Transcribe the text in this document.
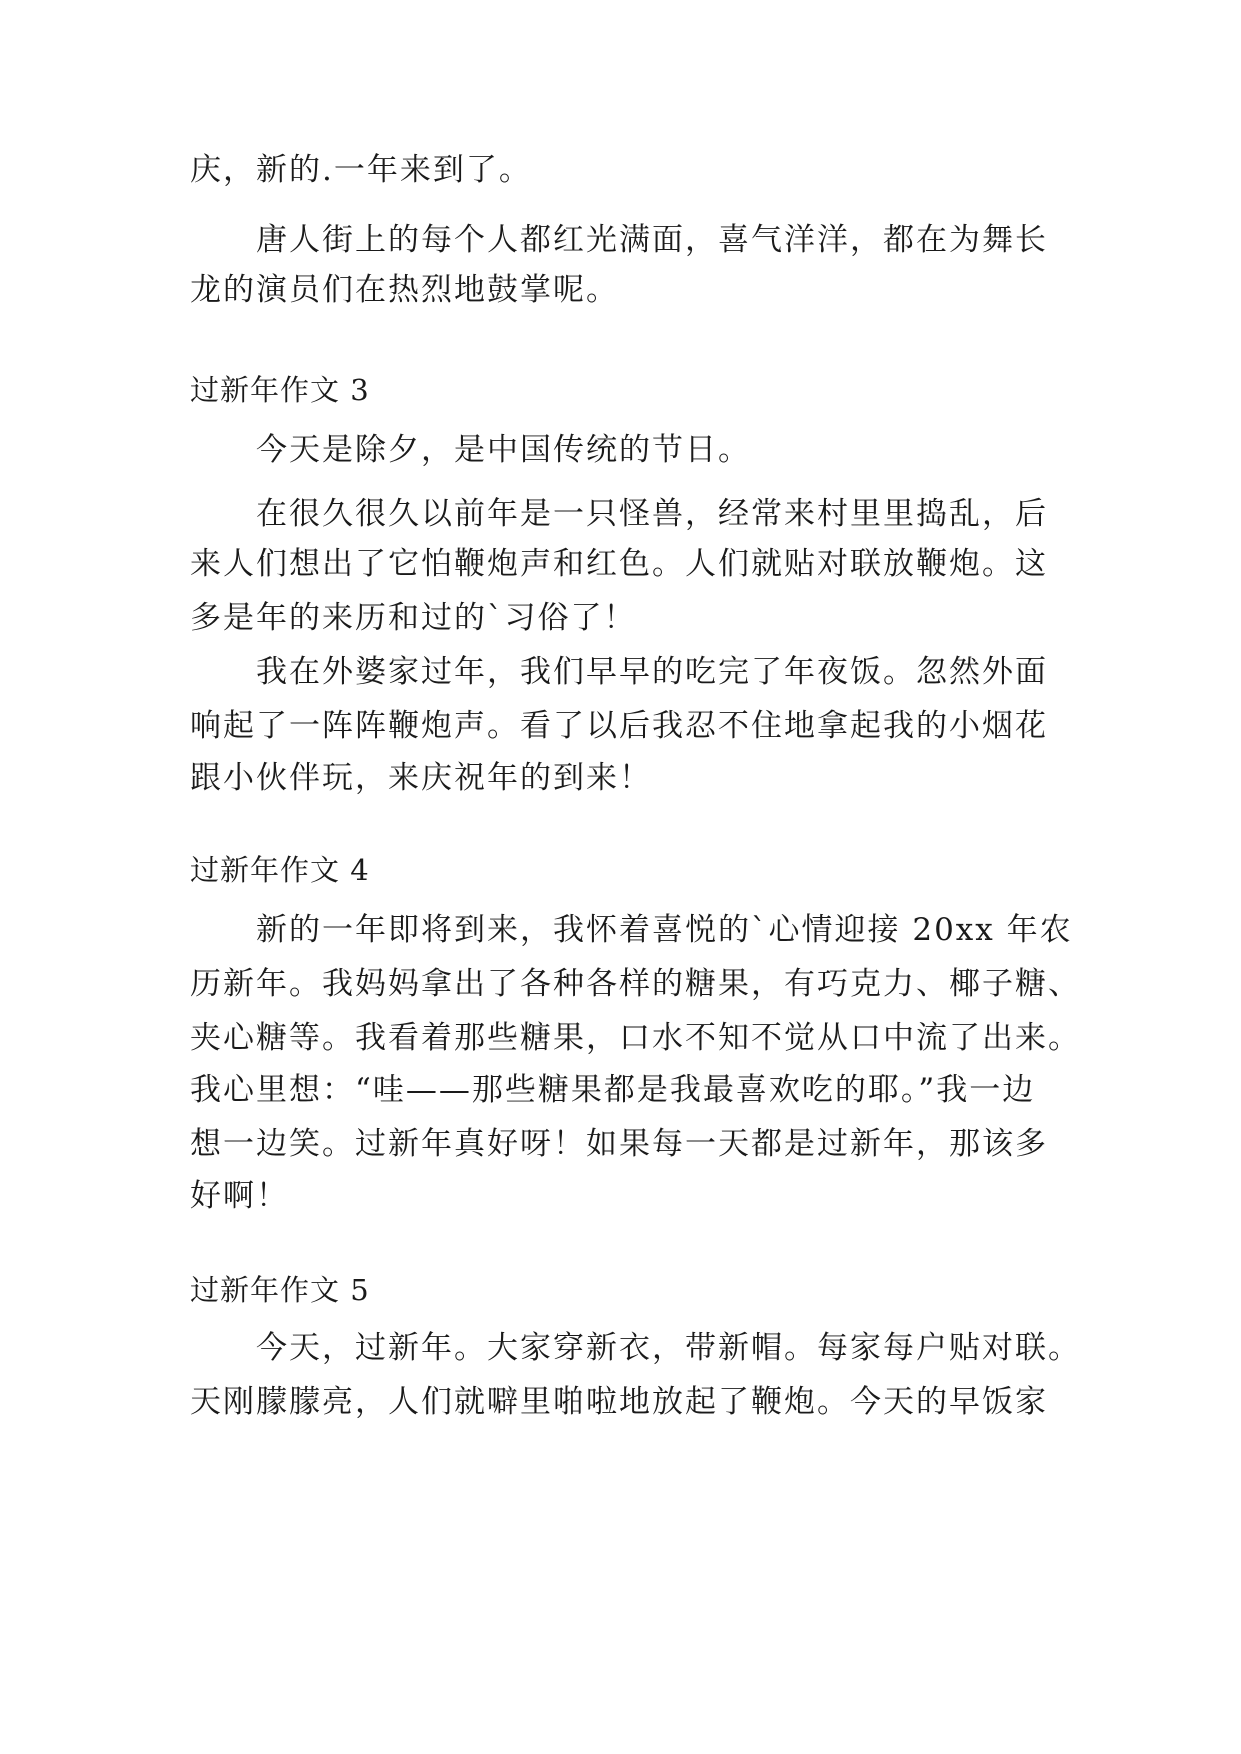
庆，新的.一年来到了。
唐人街上的每个人都红光满面，喜气洋洋，都在为舞长
龙的演员们在热烈地鼓掌呢。
过新年作文 3
今天是除夕，是中国传统的节日。
在很久很久以前年是一只怪兽，经常来村里里捣乱，后
来人们想出了它怕鞭炮声和红色。人们就贴对联放鞭炮。这
多是年的来历和过的`习俗了！
我在外婆家过年，我们早早的吃完了年夜饭。忽然外面
响起了一阵阵鞭炮声。看了以后我忍不住地拿起我的小烟花
跟小伙伴玩，来庆祝年的到来！
过新年作文 4
新的一年即将到来，我怀着喜悦的`心情迎接 20xx 年农
历新年。我妈妈拿出了各种各样的糖果，有巧克力、椰子糖、
夹心糖等。我看着那些糖果，口水不知不觉从口中流了出来。
我心里想：“哇——那些糖果都是我最喜欢吃的耶。”我一边
想一边笑。过新年真好呀！如果每一天都是过新年，那该多
好啊！
过新年作文 5
今天，过新年。大家穿新衣，带新帽。每家每户贴对联。
天刚朦朦亮，人们就噼里啪啦地放起了鞭炮。今天的早饭家
